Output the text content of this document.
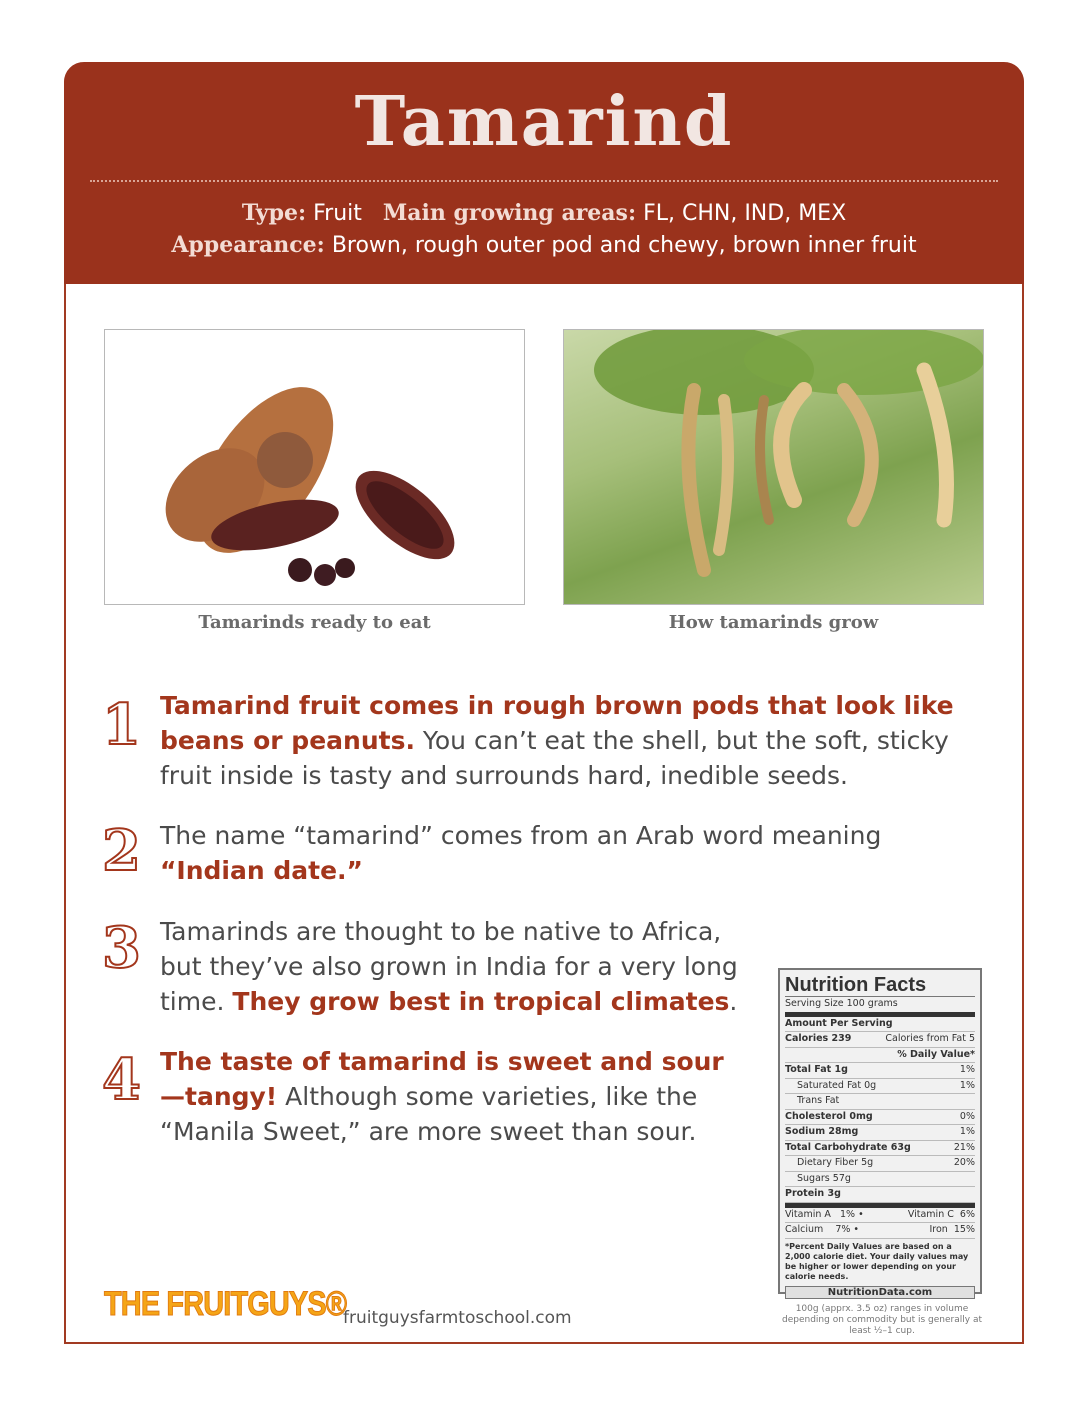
Tamarind
Type: Fruit Main growing areas: FL, CHN, IND, MEX
Appearance: Brown, rough outer pod and chewy, brown inner fruit
Tamarinds ready to eat	How tamarinds grow
1 Tamarind fruit comes in rough brown pods that look like beans or peanuts. You can’t eat the shell, but the soft, sticky fruit inside is tasty and surrounds hard, inedible seeds.
2 The name “tamarind” comes from an Arab word meaning “Indian date.”
3 Tamarinds are thought to be native to Africa, but they’ve also grown in India for a very long time. They grow best in tropical climates.
4 The taste of tamarind is sweet and sour—tangy! Although some varieties, like the “Manila Sweet,” are more sweet than sour.
Nutrition Facts
Serving Size 100 grams
Amount Per Serving
Calories 239	Calories from Fat 5
% Daily Value*
Total Fat 1g	1%
Saturated Fat 0g	1%
Trans Fat
Cholesterol 0mg	0%
Sodium 28mg	1%
Total Carbohydrate 63g	21%
Dietary Fiber 5g	20%
Sugars 57g
Protein 3g
Vitamin A 1% •	Vitamin C 6%
Calcium 7% •	Iron 15%
*Percent Daily Values are based on a 2,000 calorie diet. Your daily values may be higher or lower depending on your calorie needs.
NutritionData.com
100g (apprx. 3.5 oz) ranges in volume depending on commodity but is generally at least ½–1 cup.
THE FRUITGUYS®
fruitguysfarmtoschool.com
